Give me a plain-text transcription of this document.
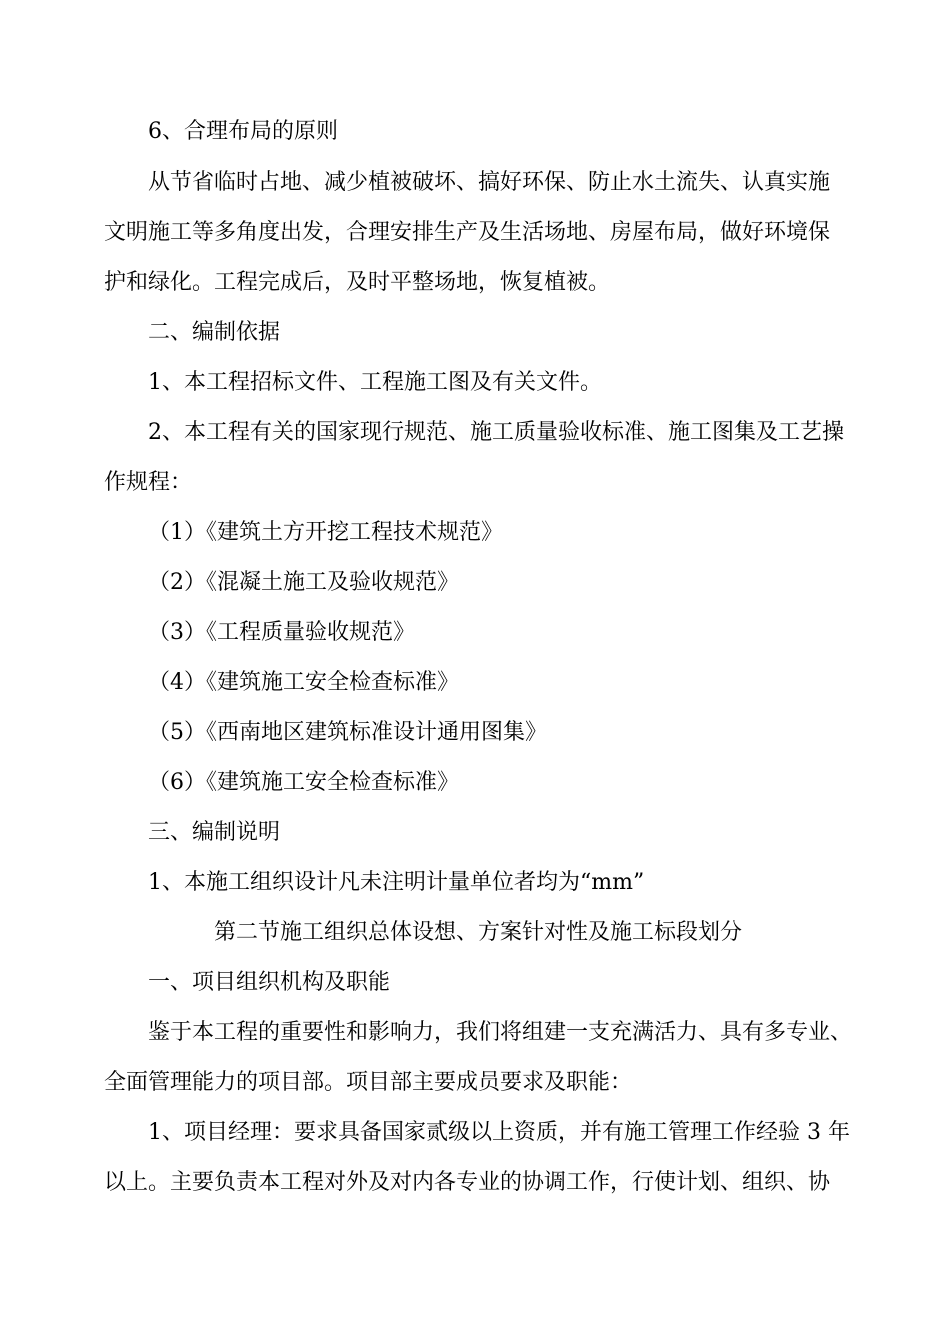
6、合理布局的原则
从节省临时占地、减少植被破坏、搞好环保、防止水土流失、认真实施
文明施工等多角度出发，合理安排生产及生活场地、房屋布局，做好环境保
护和绿化。工程完成后，及时平整场地，恢复植被。
二、编制依据
1、本工程招标文件、工程施工图及有关文件。
2、本工程有关的国家现行规范、施工质量验收标准、施工图集及工艺操
作规程：
（1）《建筑土方开挖工程技术规范》
（2）《混凝土施工及验收规范》
（3）《工程质量验收规范》
（4）《建筑施工安全检查标准》
（5）《西南地区建筑标准设计通用图集》
（6）《建筑施工安全检查标准》
三、编制说明
1、本施工组织设计凡未注明计量单位者均为“mm”
第二节施工组织总体设想、方案针对性及施工标段划分
一、项目组织机构及职能
鉴于本工程的重要性和影响力，我们将组建一支充满活力、具有多专业、
全面管理能力的项目部。项目部主要成员要求及职能：
1、项目经理：要求具备国家贰级以上资质，并有施工管理工作经验 3 年
以上。主要负责本工程对外及对内各专业的协调工作，行使计划、组织、协
